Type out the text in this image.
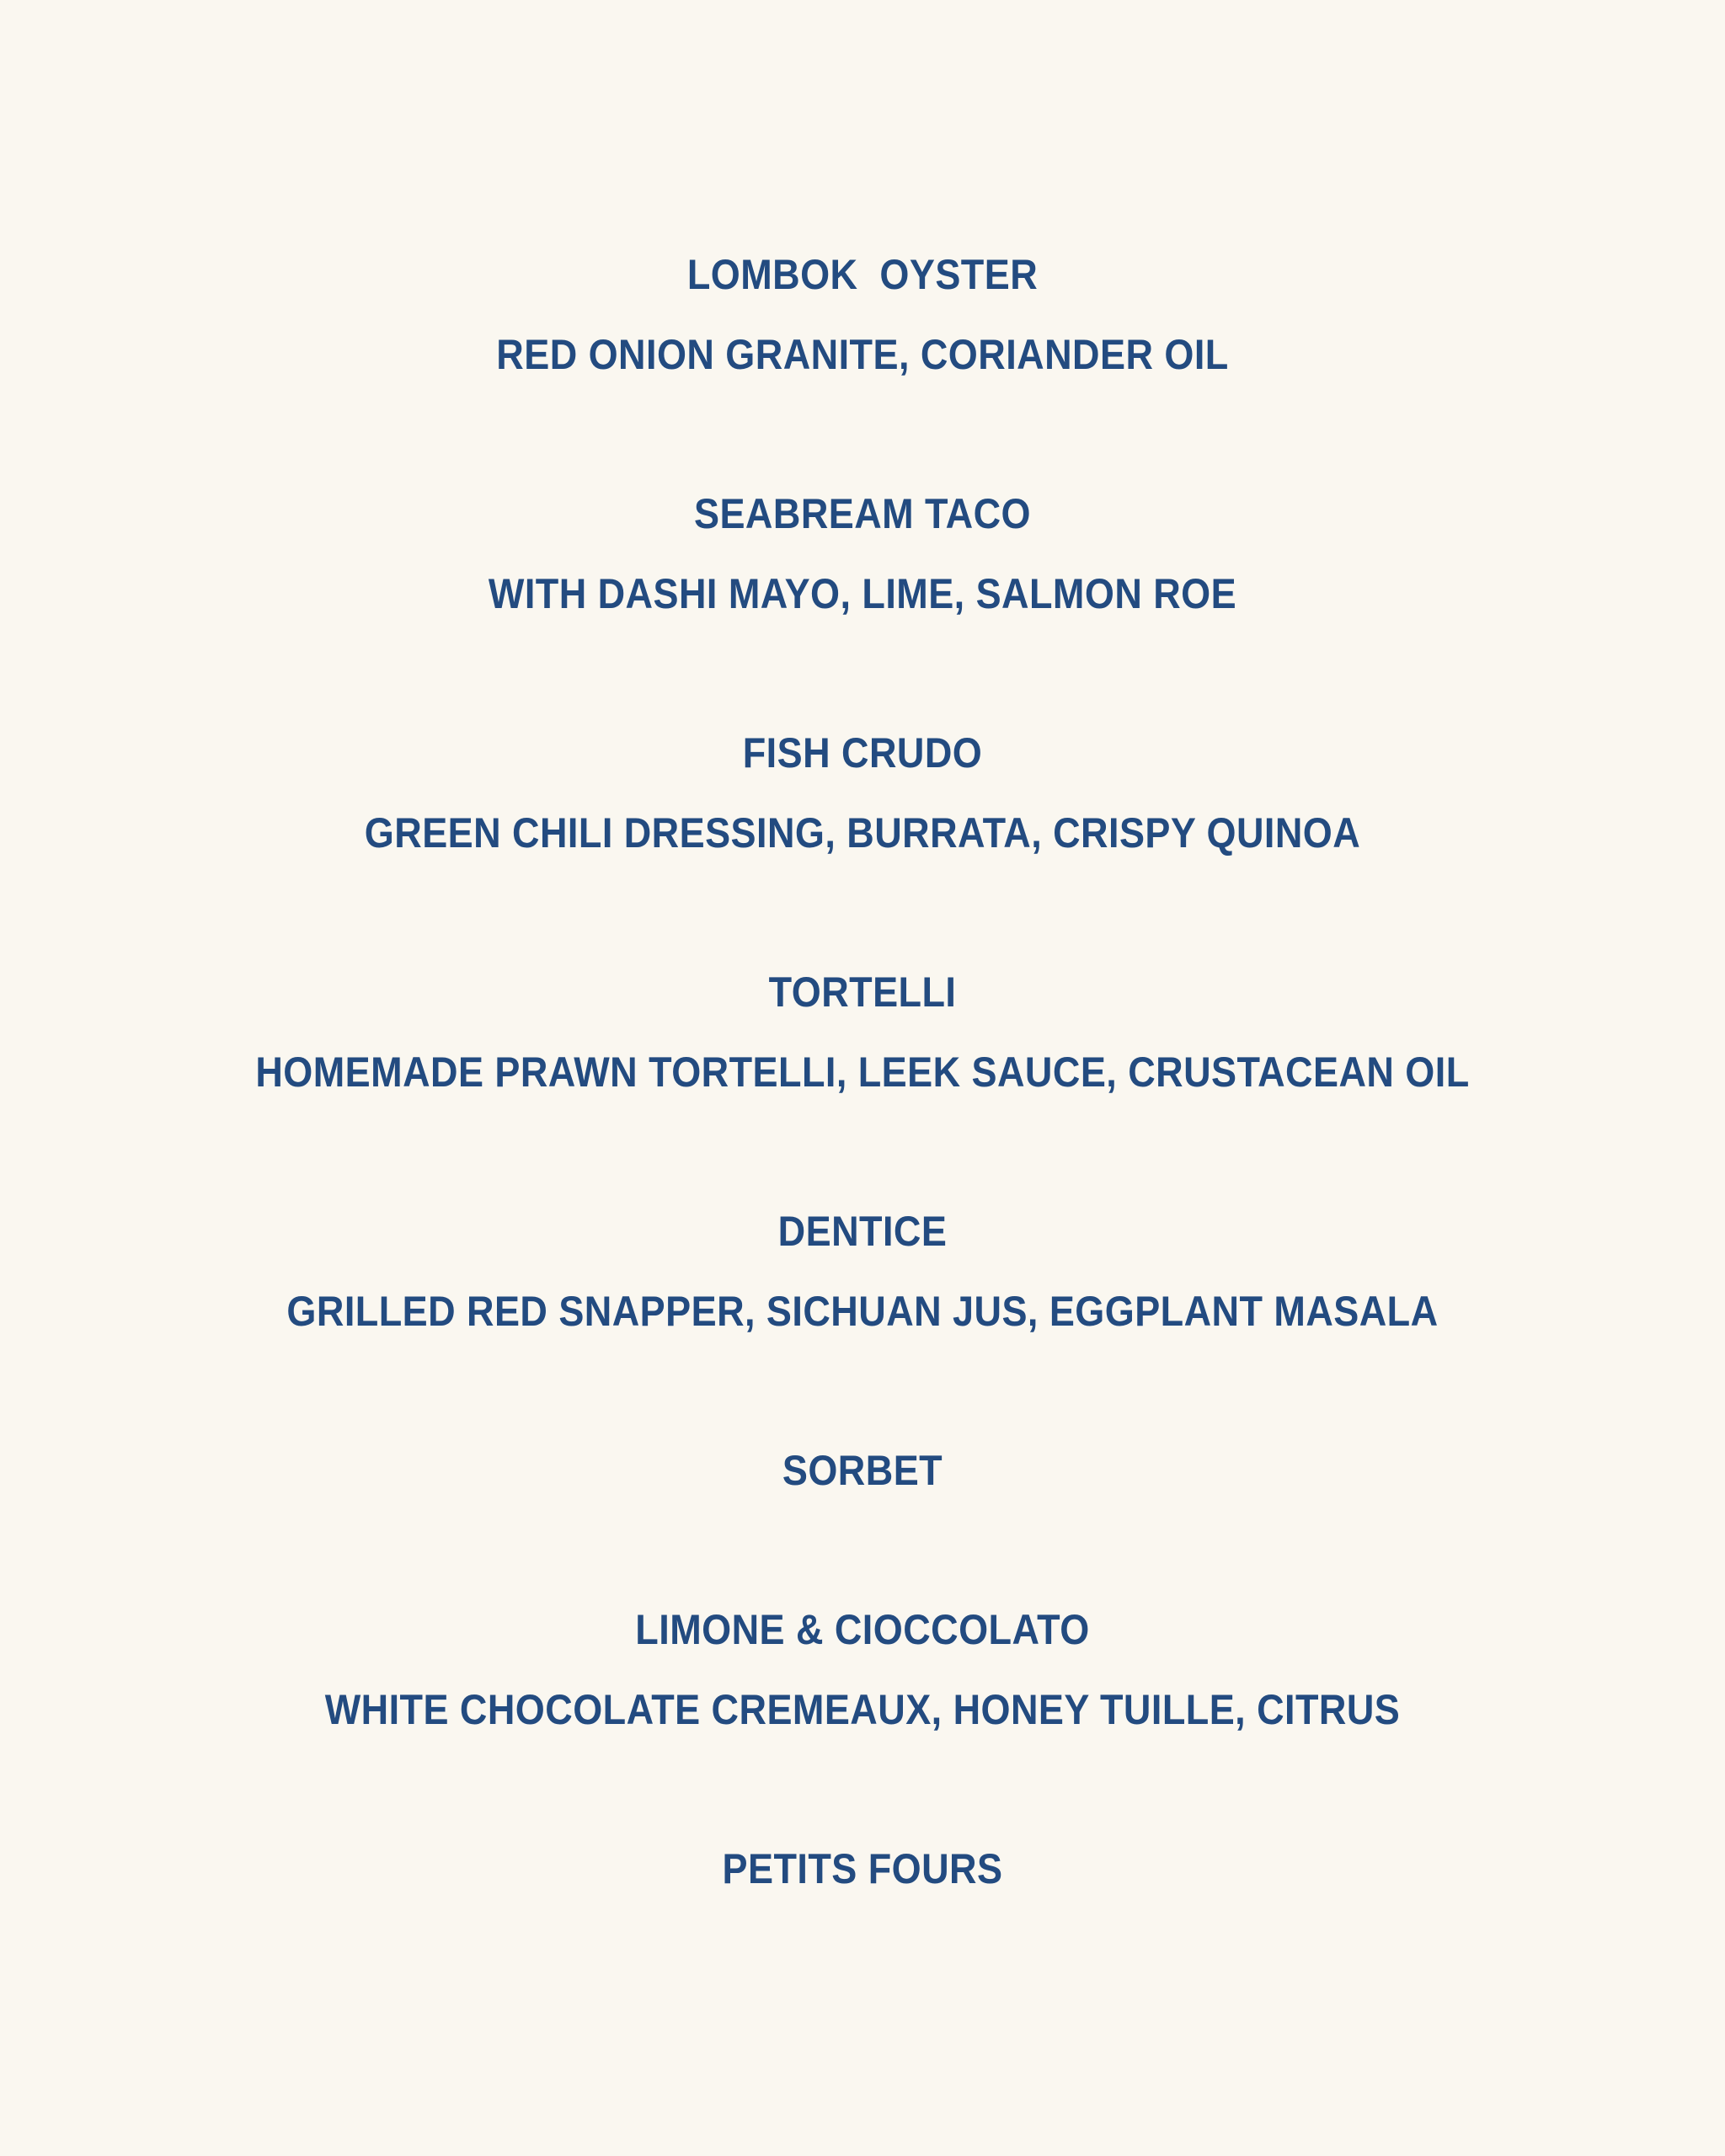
LOMBOK  OYSTER
RED ONION GRANITE, CORIANDER OIL
SEABREAM TACO
WITH DASHI MAYO, LIME, SALMON ROE
FISH CRUDO
GREEN CHILI DRESSING, BURRATA, CRISPY QUINOA
TORTELLI
HOMEMADE PRAWN TORTELLI, LEEK SAUCE, CRUSTACEAN OIL
DENTICE
GRILLED RED SNAPPER, SICHUAN JUS, EGGPLANT MASALA
SORBET
LIMONE & CIOCCOLATO
WHITE CHOCOLATE CREMEAUX, HONEY TUILLE, CITRUS
PETITS FOURS
